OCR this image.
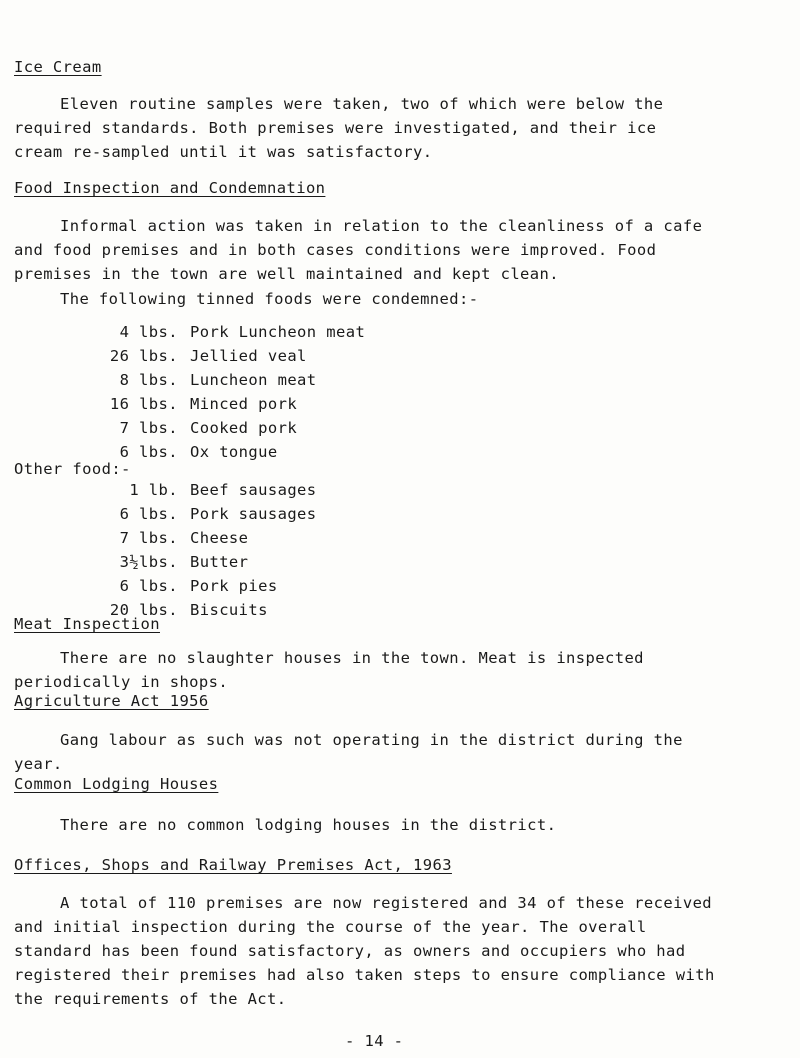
Ice Cream

Eleven routine samples were taken, two of which were below the

required standards. Both premises were investigated, and their ice

cream re-sampled until it was satisfactory.

Food Inspection and Condemnation

Informal action was taken in relation to the cleanliness of a cafe

and food premises and in both cases conditions were improved. Food

premises in the town are well maintained and kept clean.

The following tinned foods were condemned:-
4 lbs. Pork Luncheon meat
26 lbs. Jellied veal
8 lbs. Luncheon meat
16 lbs. Minced pork
7 lbs. Cooked pork
6 lbs. Ox tongue
Other food:-
1 lb. Beef sausages
6 lbs. Pork sausages
7 lbs. Cheese
3½lbs. Butter
6 lbs. Pork pies
20 lbs. Biscuits
Meat Inspection

There are no slaughter houses in the town. Meat is inspected

periodically in shops.

Agriculture Act 1956

Gang labour as such was not operating in the district during the

year.

Common Lodging Houses

There are no common lodging houses in the district.

Offices, Shops and Railway Premises Act, 1963

A total of 110 premises are now registered and 34 of these received

and initial inspection during the course of the year. The overall

standard has been found satisfactory, as owners and occupiers who had

registered their premises had also taken steps to ensure compliance with

the requirements of the Act.

- 14 -
